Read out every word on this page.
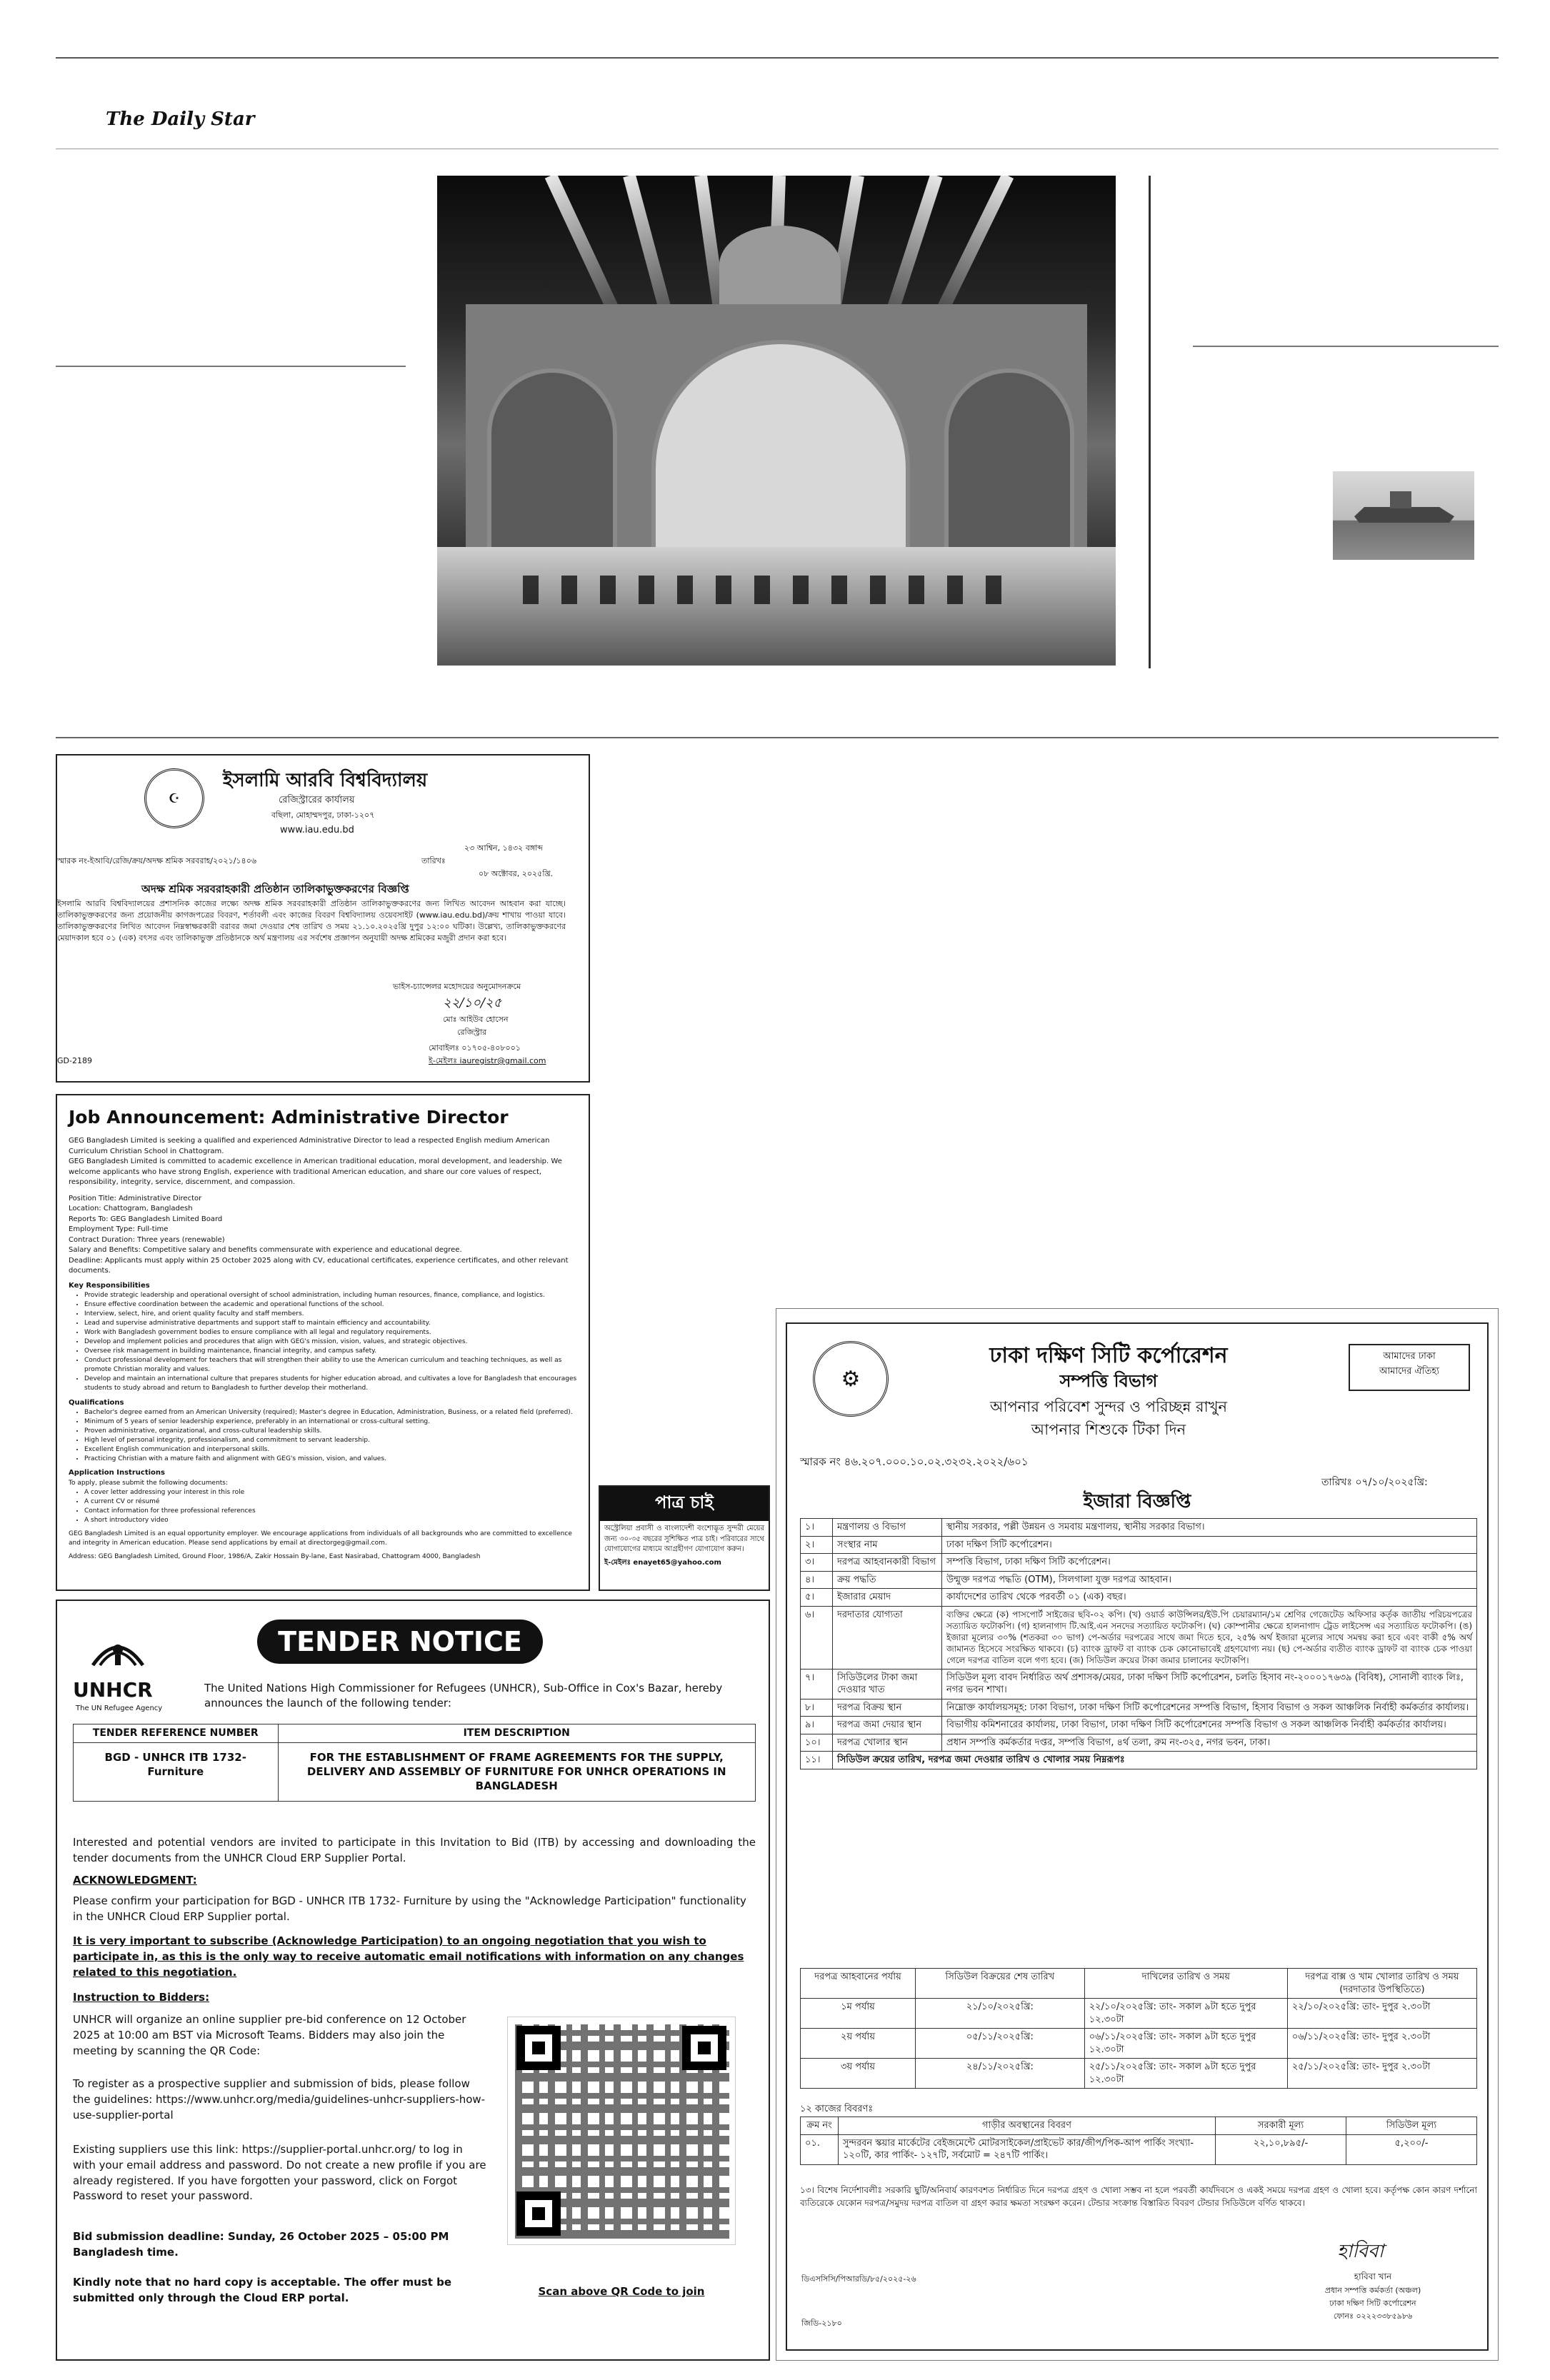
The Daily Star
☪
ইসলামি আরবি বিশ্ববিদ্যালয়
রেজিস্ট্রারের কার্যালয়
বছিলা, মোহাম্মদপুর, ঢাকা-১২০৭
www.iau.edu.bd
২৩ আশ্বিন, ১৪৩২ বঙ্গাব্দ
স্মারক নং-ইআবি/রেজি/ক্রয়/অদক্ষ শ্রমিক সরবরাহ/২০২১/১৪০৬	তারিখঃ
০৮ অক্টোবর, ২০২৫খ্রি.
অদক্ষ শ্রমিক সরবরাহকারী প্রতিষ্ঠান তালিকাভুক্তকরণের বিজ্ঞপ্তি
ইসলামি আরবি বিশ্ববিদ্যালয়ের প্রশাসনিক কাজের লক্ষ্যে অদক্ষ শ্রমিক সরবরাহকারী প্রতিষ্ঠান তালিকাভুক্তকরণের জন্য লিখিত আবেদন আহবান করা যাচ্ছে। তালিকাভুক্তকরণের জন্য প্রয়োজনীয় কাগজপত্রের বিবরণ, শর্তাবলী এবং কাজের বিবরণ বিশ্ববিদ্যালয় ওয়েবসাইট (www.iau.edu.bd)/ক্রয় শাখায় পাওয়া যাবে। তালিকাভুক্তকরণের লিখিত আবেদন নিম্নস্বাক্ষরকারী বরাবর জমা দেওয়ার শেষ তারিখ ও সময় ২১.১০.২০২৫খ্রি দুপুর ১২:০০ ঘটিকা। উল্লেখ্য, তালিকাভুক্তকরণের মেয়াদকাল হবে ০১ (এক) বৎসর এবং তালিকাভুক্ত প্রতিষ্ঠানকে অর্থ মন্ত্রণালয় এর সর্বশেষ প্রজ্ঞাপন অনুযায়ী অদক্ষ শ্রমিকের মজুরী প্রদান করা হবে।
ভাইস-চ্যান্সেলর মহোদয়ের অনুমোদনক্রমে
২২/১০/২৫
মোঃ আইউব হোসেন
রেজিস্ট্রার
মোবাইলঃ ০১৭০৫-৪০৮০০১
ই-মেইলঃ iauregistr@gmail.com
GD-2189
Job Announcement: Administrative Director
GEG Bangladesh Limited is seeking a qualified and experienced Administrative Director to lead a respected English medium American Curriculum Christian School in Chattogram.
GEG Bangladesh Limited is committed to academic excellence in American traditional education, moral development, and leadership. We welcome applicants who have strong English, experience with traditional American education, and share our core values of respect, responsibility, integrity, service, discernment, and compassion.
Position Title: Administrative Director
Location: Chattogram, Bangladesh
Reports To: GEG Bangladesh Limited Board
Employment Type: Full-time
Contract Duration: Three years (renewable)
Salary and Benefits: Competitive salary and benefits commensurate with experience and educational degree.
Deadline: Applicants must apply within 25 October 2025 along with CV, educational certificates, experience certificates, and other relevant documents.
Key Responsibilities
• Provide strategic leadership and operational oversight of school administration, including human resources, finance, compliance, and logistics.
• Ensure effective coordination between the academic and operational functions of the school.
• Interview, select, hire, and orient quality faculty and staff members.
• Lead and supervise administrative departments and support staff to maintain efficiency and accountability.
• Work with Bangladesh government bodies to ensure compliance with all legal and regulatory requirements.
• Develop and implement policies and procedures that align with GEG's mission, vision, values, and strategic objectives.
• Oversee risk management in building maintenance, financial integrity, and campus safety.
• Conduct professional development for teachers that will strengthen their ability to use the American curriculum and teaching techniques, as well as promote Christian morality and values.
• Develop and maintain an international culture that prepares students for higher education abroad, and cultivates a love for Bangladesh that encourages students to study abroad and return to Bangladesh to further develop their motherland.
Qualifications
• Bachelor's degree earned from an American University (required); Master's degree in Education, Administration, Business, or a related field (preferred).
• Minimum of 5 years of senior leadership experience, preferably in an international or cross-cultural setting.
• Proven administrative, organizational, and cross-cultural leadership skills.
• High level of personal integrity, professionalism, and commitment to servant leadership.
• Excellent English communication and interpersonal skills.
• Practicing Christian with a mature faith and alignment with GEG's mission, vision, and values.
Application Instructions
To apply, please submit the following documents:
• A cover letter addressing your interest in this role
• A current CV or résumé
• Contact information for three professional references
• A short introductory video
GEG Bangladesh Limited is an equal opportunity employer. We encourage applications from individuals of all backgrounds who are committed to excellence and integrity in American education. Please send applications by email at directorgeg@gmail.com.
Address: GEG Bangladesh Limited, Ground Floor, 1986/A, Zakir Hossain By-lane, East Nasirabad, Chattogram 4000, Bangladesh
পাত্র চাই
অস্ট্রেলিয়া প্রবাসী ও বাংলাদেশী বংশোদ্ভূত সুন্দরী মেয়ের জন্য ৩০-৩৫ বছরের সুশিক্ষিত পাত্র চাই। পরিবারের সাথে যোগাযোগের মাধ্যমে আগ্রহীগণ যোগাযোগ করুন।
ই-মেইলঃ enayet65@yahoo.com
UNHCR
The UN Refugee Agency
TENDER NOTICE
The United Nations High Commissioner for Refugees (UNHCR), Sub-Office in Cox's Bazar, hereby announces the launch of the following tender:
TENDER REFERENCE NUMBER	ITEM DESCRIPTION
BGD - UNHCR ITB 1732- Furniture	FOR THE ESTABLISHMENT OF FRAME AGREEMENTS FOR THE SUPPLY, DELIVERY AND ASSEMBLY OF FURNITURE FOR UNHCR OPERATIONS IN BANGLADESH
Interested and potential vendors are invited to participate in this Invitation to Bid (ITB) by accessing and downloading the tender documents from the UNHCR Cloud ERP Supplier Portal.
ACKNOWLEDGMENT:
Please confirm your participation for BGD - UNHCR ITB 1732- Furniture by using the "Acknowledge Participation" functionality in the UNHCR Cloud ERP Supplier portal.
It is very important to subscribe (Acknowledge Participation) to an ongoing negotiation that you wish to participate in, as this is the only way to receive automatic email notifications with information on any changes related to this negotiation.
Instruction to Bidders:
UNHCR will organize an online supplier pre-bid conference on 12 October 2025 at 10:00 am BST via Microsoft Teams. Bidders may also join the meeting by scanning the QR Code:
To register as a prospective supplier and submission of bids, please follow the guidelines: https://www.unhcr.org/media/guidelines-unhcr-suppliers-how-use-supplier-portal
Existing suppliers use this link: https://supplier-portal.unhcr.org/ to log in with your email address and password. Do not create a new profile if you are already registered. If you have forgotten your password, click on Forgot Password to reset your password.
Bid submission deadline: Sunday, 26 October 2025 – 05:00 PM Bangladesh time.
Kindly note that no hard copy is acceptable. The offer must be submitted only through the Cloud ERP portal.	Scan above QR Code to join
⚙
ঢাকা দক্ষিণ সিটি কর্পোরেশন
সম্পত্তি বিভাগ
আপনার পরিবেশ সুন্দর ও পরিচ্ছন্ন রাখুন
আপনার শিশুকে টিকা দিন
আমাদের ঢাকা
আমাদের ঐতিহ্য
স্মারক নং ৪৬.২০৭.০০০.১০.০২.৩২৩২.২০২২/৬০১
তারিখঃ ০৭/১০/২০২৫খ্রি:
ইজারা বিজ্ঞপ্তি
১।	মন্ত্রণালয় ও বিভাগ	স্থানীয় সরকার, পল্লী উন্নয়ন ও সমবায় মন্ত্রণালয়, স্থানীয় সরকার বিভাগ।
২।	সংস্থার নাম	ঢাকা দক্ষিণ সিটি কর্পোরেশন।
৩।	দরপত্র আহবানকারী বিভাগ	সম্পত্তি বিভাগ, ঢাকা দক্ষিণ সিটি কর্পোরেশন।
৪।	ক্রয় পদ্ধতি	উন্মুক্ত দরপত্র পদ্ধতি (OTM), সিলগালা যুক্ত দরপত্র আহবান।
৫।	ইজারার মেয়াদ	কার্যাদেশের তারিখ থেকে পরবর্তী ০১ (এক) বছর।
৬।	দরদাতার যোগ্যতা	ব্যক্তির ক্ষেত্রে (ক) পাসপোর্ট সাইজের ছবি-০২ কপি। (খ) ওয়ার্ড কাউন্সিলর/ইউ.পি চেয়ারম্যান/১ম শ্রেণির গেজেটেড অফিসার কর্তৃক জাতীয় পরিচয়পত্রের সত্যায়িত ফটোকপি। (গ) হালনাগাদ টি.আই.এন সনদের সত্যায়িত ফটোকপি। (ঘ) কোম্পানীর ক্ষেত্রে হালনাগাদ ট্রেড লাইসেন্স এর সত্যায়িত ফটোকপি। (ঙ) ইজারা মূল্যের ৩০% (শতকরা ৩০ ভাগ) পে-অর্ডার দরপত্রের সাথে জমা দিতে হবে, ২৫% অর্থ ইজারা মূল্যের সাথে সমন্বয় করা হবে এবং বাকী ৫% অর্থ জামানত হিসেবে সংরক্ষিত থাকবে। (চ) ব্যাংক ড্রাফট বা ব্যাংক চেক কোনোভাবেই গ্রহণযোগ্য নয়। (ছ) পে-অর্ডার ব্যতীত ব্যাংক ড্রাফট বা ব্যাংক চেক পাওয়া গেলে দরপত্র বাতিল বলে গণ্য হবে। (জ) সিডিউল ক্রয়ের টাকা জমার চালানের ফটোকপি।
৭।	সিডিউলের টাকা জমা দেওয়ার খাত	সিডিউল মূল্য বাবদ নির্ধারিত অর্থ প্রশাসক/মেয়র, ঢাকা দক্ষিণ সিটি কর্পোরেশন, চলতি হিসাব নং-২০০০১৭৬৩৯ (বিবিধ), সোনালী ব্যাংক লিঃ, নগর ভবন শাখা।
৮।	দরপত্র বিক্রয় স্থান	নিম্নোক্ত কার্যালয়সমূহ: ঢাকা বিভাগ, ঢাকা দক্ষিণ সিটি কর্পোরেশনের সম্পত্তি বিভাগ, হিসাব বিভাগ ও সকল আঞ্চলিক নির্বাহী কর্মকর্তার কার্যালয়।
৯।	দরপত্র জমা দেয়ার স্থান	বিভাগীয় কমিশনারের কার্যালয়, ঢাকা বিভাগ, ঢাকা দক্ষিণ সিটি কর্পোরেশনের সম্পত্তি বিভাগ ও সকল আঞ্চলিক নির্বাহী কর্মকর্তার কার্যালয়।
১০।	দরপত্র খোলার স্থান	প্রধান সম্পত্তি কর্মকর্তার দপ্তর, সম্পত্তি বিভাগ, ৪র্থ তলা, রুম নং-৩২৫, নগর ভবন, ঢাকা।
১১।	সিডিউল ক্রয়ের তারিখ, দরপত্র জমা দেওয়ার তারিখ ও খোলার সময় নিম্নরূপঃ	
দরপত্র আহবানের পর্যায়	সিডিউল বিক্রয়ের শেষ তারিখ	দাখিলের তারিখ ও সময়	দরপত্র বাক্স ও খাম খোলার তারিখ ও সময় (দরদাতার উপস্থিতিতে)
১ম পর্যায়	২১/১০/২০২৫খ্রি:	২২/১০/২০২৫খ্রি: তাং- সকাল ৯টা হতে দুপুর ১২.৩০টা	২২/১০/২০২৫খ্রি: তাং- দুপুর ২.৩০টা
২য় পর্যায়	০৫/১১/২০২৫খ্রি:	০৬/১১/২০২৫খ্রি: তাং- সকাল ৯টা হতে দুপুর ১২.৩০টা	০৬/১১/২০২৫খ্রি: তাং- দুপুর ২.৩০টা
৩য় পর্যায়	২৪/১১/২০২৫খ্রি:	২৫/১১/২০২৫খ্রি: তাং- সকাল ৯টা হতে দুপুর ১২.৩০টা	২৫/১১/২০২৫খ্রি: তাং- দুপুর ২.৩০টা
১২ কাজের বিবরণঃ
ক্রম নং	গাড়ীর অবস্থানের বিবরণ	সরকারী মূল্য	সিডিউল মূল্য
০১.	সুন্দরবন স্কয়ার মার্কেটের বেইজমেন্টে মোটরসাইকেল/প্রাইভেট কার/জীপ/পিক-আপ পার্কিং সংখ্যা- ১২০টি, কার পার্কিং- ১২৭টি, সর্বমোট = ২৪৭টি পার্কিং।	২২,১০,৮৯৫/-	৫,২০০/-
১৩। বিশেষ নির্দেশাবলীঃ সরকারি ছুটি/অনিবার্য কারণবশত নির্ধারিত দিনে দরপত্র গ্রহণ ও খোলা সম্ভব না হলে পরবর্তী কার্যদিবসে ও একই সময়ে দরপত্র গ্রহণ ও খোলা হবে। কর্তৃপক্ষ কোন কারণ দর্শানো ব্যতিরেকে যেকোন দরপত্র/সমুদয় দরপত্র বাতিল বা গ্রহণ করার ক্ষমতা সংরক্ষণ করেন। টেন্ডার সংক্রান্ত বিস্তারিত বিবরণ টেন্ডার সিডিউলে বর্ণিত থাকবে।
হাবিবা
ডিএসসিসি/পিআরডি/৮৫/২০২৫-২৬	হাবিবা খান
প্রধান সম্পত্তি কর্মকর্তা (অঞ্চল)
ঢাকা দক্ষিণ সিটি কর্পোরেশন
ফোনঃ ০২২২৩৩৮৫৯৮৬
জিডি-২১৮০
